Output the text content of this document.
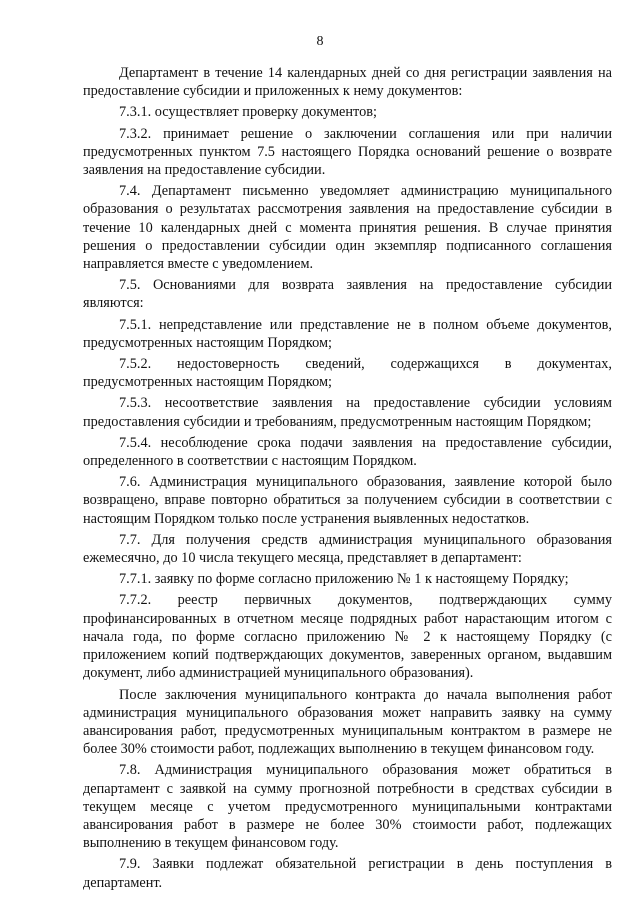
8

Департамент в течение 14 календарных дней со дня регистрации заявления на предоставление субсидии и приложенных к нему документов:

7.3.1. осуществляет проверку документов;

7.3.2. принимает решение о заключении соглашения или при наличии предусмотренных пунктом 7.5 настоящего Порядка оснований решение о возврате заявления на предоставление субсидии.

7.4. Департамент письменно уведомляет администрацию муниципального образования о результатах рассмотрения заявления на предоставление субсидии в течение 10 календарных дней с момента принятия решения. В случае принятия решения о предоставлении субсидии один экземпляр подписанного соглашения направляется вместе с уведомлением.

7.5. Основаниями для возврата заявления на предоставление субсидии являются:

7.5.1. непредставление или представление не в полном объеме документов, предусмотренных настоящим Порядком;

7.5.2. недостоверность сведений, содержащихся в документах, предусмотренных настоящим Порядком;

7.5.3. несоответствие заявления на предоставление субсидии условиям предоставления субсидии и требованиям, предусмотренным настоящим Порядком;

7.5.4. несоблюдение срока подачи заявления на предоставление субсидии, определенного в соответствии с настоящим Порядком.

7.6. Администрация муниципального образования, заявление которой было возвращено, вправе повторно обратиться за получением субсидии в соответствии с настоящим Порядком только после устранения выявленных недостатков.

7.7. Для получения средств администрация муниципального образования ежемесячно, до 10 числа текущего месяца, представляет в департамент:

7.7.1. заявку по форме согласно приложению № 1 к настоящему Порядку;

7.7.2. реестр первичных документов, подтверждающих сумму профинансированных в отчетном месяце подрядных работ нарастающим итогом с начала года, по форме согласно приложению № 2 к настоящему Порядку (с приложением копий подтверждающих документов, заверенных органом, выдавшим документ, либо администрацией муниципального образования).

После заключения муниципального контракта до начала выполнения работ администрация муниципального образования может направить заявку на сумму авансирования работ, предусмотренных муниципальным контрактом в размере не более 30% стоимости работ, подлежащих выполнению в текущем финансовом году.

7.8. Администрация муниципального образования может обратиться в департамент с заявкой на сумму прогнозной потребности в средствах субсидии в текущем месяце с учетом предусмотренного муниципальными контрактами авансирования работ в размере не более 30% стоимости работ, подлежащих выполнению в текущем финансовом году.

7.9. Заявки подлежат обязательной регистрации в день поступления в департамент.
